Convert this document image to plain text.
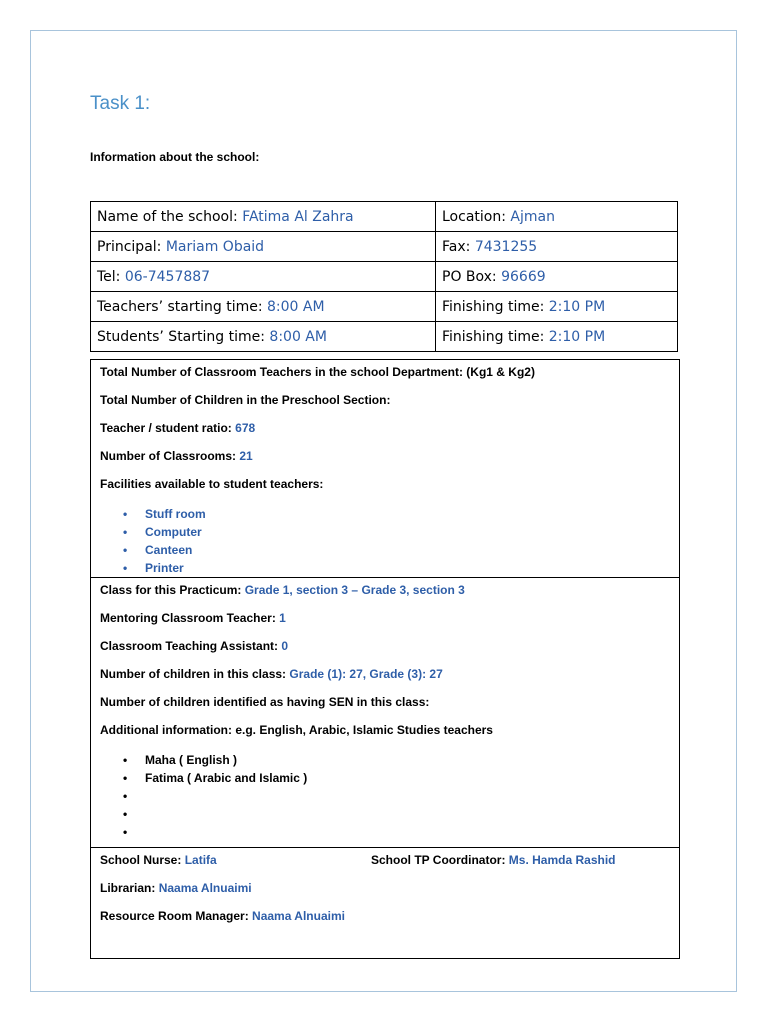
Task 1:
Information about the school:
Name of the school: FAtima Al Zahra	Location: Ajman
Principal: Mariam Obaid	Fax: 7431255
Tel: 06-7457887	PO Box: 96669
Teachers’ starting time: 8:00 AM	Finishing time: 2:10 PM
Students’ Starting time: 8:00 AM	Finishing time: 2:10 PM
Total Number of Classroom Teachers in the school Department: (Kg1 & Kg2)
Total Number of Children in the Preschool Section:
Teacher / student ratio: 678
Number of Classrooms: 21
Facilities available to student teachers:
• Stuff room
• Computer
• Canteen
• Printer
Class for this Practicum: Grade 1, section 3 – Grade 3, section 3
Mentoring Classroom Teacher: 1
Classroom Teaching Assistant: 0
Number of children in this class: Grade (1): 27, Grade (3): 27
Number of children identified as having SEN in this class:
Additional information: e.g. English, Arabic, Islamic Studies teachers
• Maha ( English )
• Fatima ( Arabic and Islamic )
•
•
•
School Nurse: Latifa	School TP Coordinator: Ms. Hamda Rashid
Librarian: Naama Alnuaimi
Resource Room Manager: Naama Alnuaimi
